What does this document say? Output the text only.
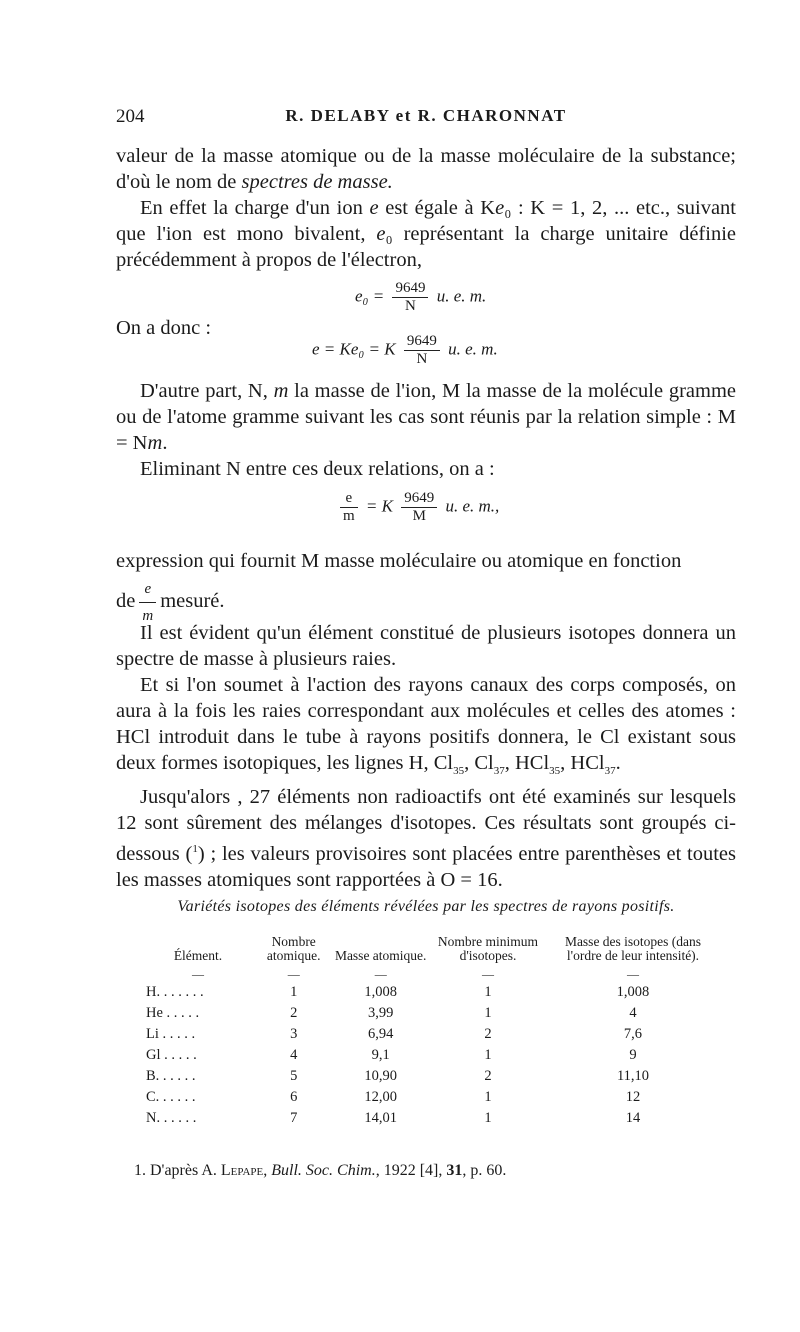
204	R. DELABY et R. CHARONNAT

valeur de la masse atomique ou de la masse moléculaire de la substance; d'où le nom de spectres de masse.

En effet la charge d'un ion e est égale à Ke₀ : K = 1, 2, ... etc., suivant que l'ion est mono bivalent, e₀ représentant la charge unitaire définie précédemment à propos de l'électron,

$e_0 = \frac{9649}{N} u$. e. m.

On a donc :

e = Ke₀ = K $\frac{9649}{N} u$. e. m.

D'autre part, N, m la masse de l'ion, M la masse de la molécule gramme ou de l'atome gramme suivant les cas sont réunis par la relation simple : M = Nm.

Eliminant N entre ces deux relations, on a :

$\frac{e}{m} = K \frac{9649}{M} u$. e. m.,

expression qui fournit M masse moléculaire ou atomique en fonction

de $\frac{e}{m}$ mesuré.

Il est évident qu'un élément constitué de plusieurs isotopes donnera un spectre de masse à plusieurs raies.

Et si l'on soumet à l'action des rayons canaux des corps composés, on aura à la fois les raies correspondant aux molécules et celles des atomes : HCl introduit dans le tube à rayons positifs donnera, le Cl existant sous deux formes isotopiques, les lignes H, $Cl_{35}$, $Cl_{37}$, HCl$_{35}$, HCl$_{37}$.

Jusqu'alors , 27 éléments non radioactifs ont été examinés sur lesquels 12 sont sûrement des mélanges d'isotopes. Ces résultats sont groupés ci-dessous ($^1$) ; les valeurs provisoires sont placées entre parenthèses et toutes les masses atomiques sont rapportées à O = 16.

Variétés isotopes des éléments révélées par les spectres de rayons positifs.
Élément.	Nombre atomique.	Masse atomique.	Nombre minimum d'isotopes.	Masse des isotopes (dans l'ordre de leur intensité).
—	—	—	—	—
H. . . . . . .	1	1,008	1	1,008
He . . . . .	2	3,99	1	4
Li . . . . .	3	6,94	2	7,6
Gl . . . . .	4	9,1	1	9
B. . . . . .	5	10,90	2	11,10
C. . . . . .	6	12,00	1	12
N. . . . . .	7	14,01	1	14
1. D'après A. Lepape, Bull. Soc. Chim., 1922 [4], 31, p. 60.
